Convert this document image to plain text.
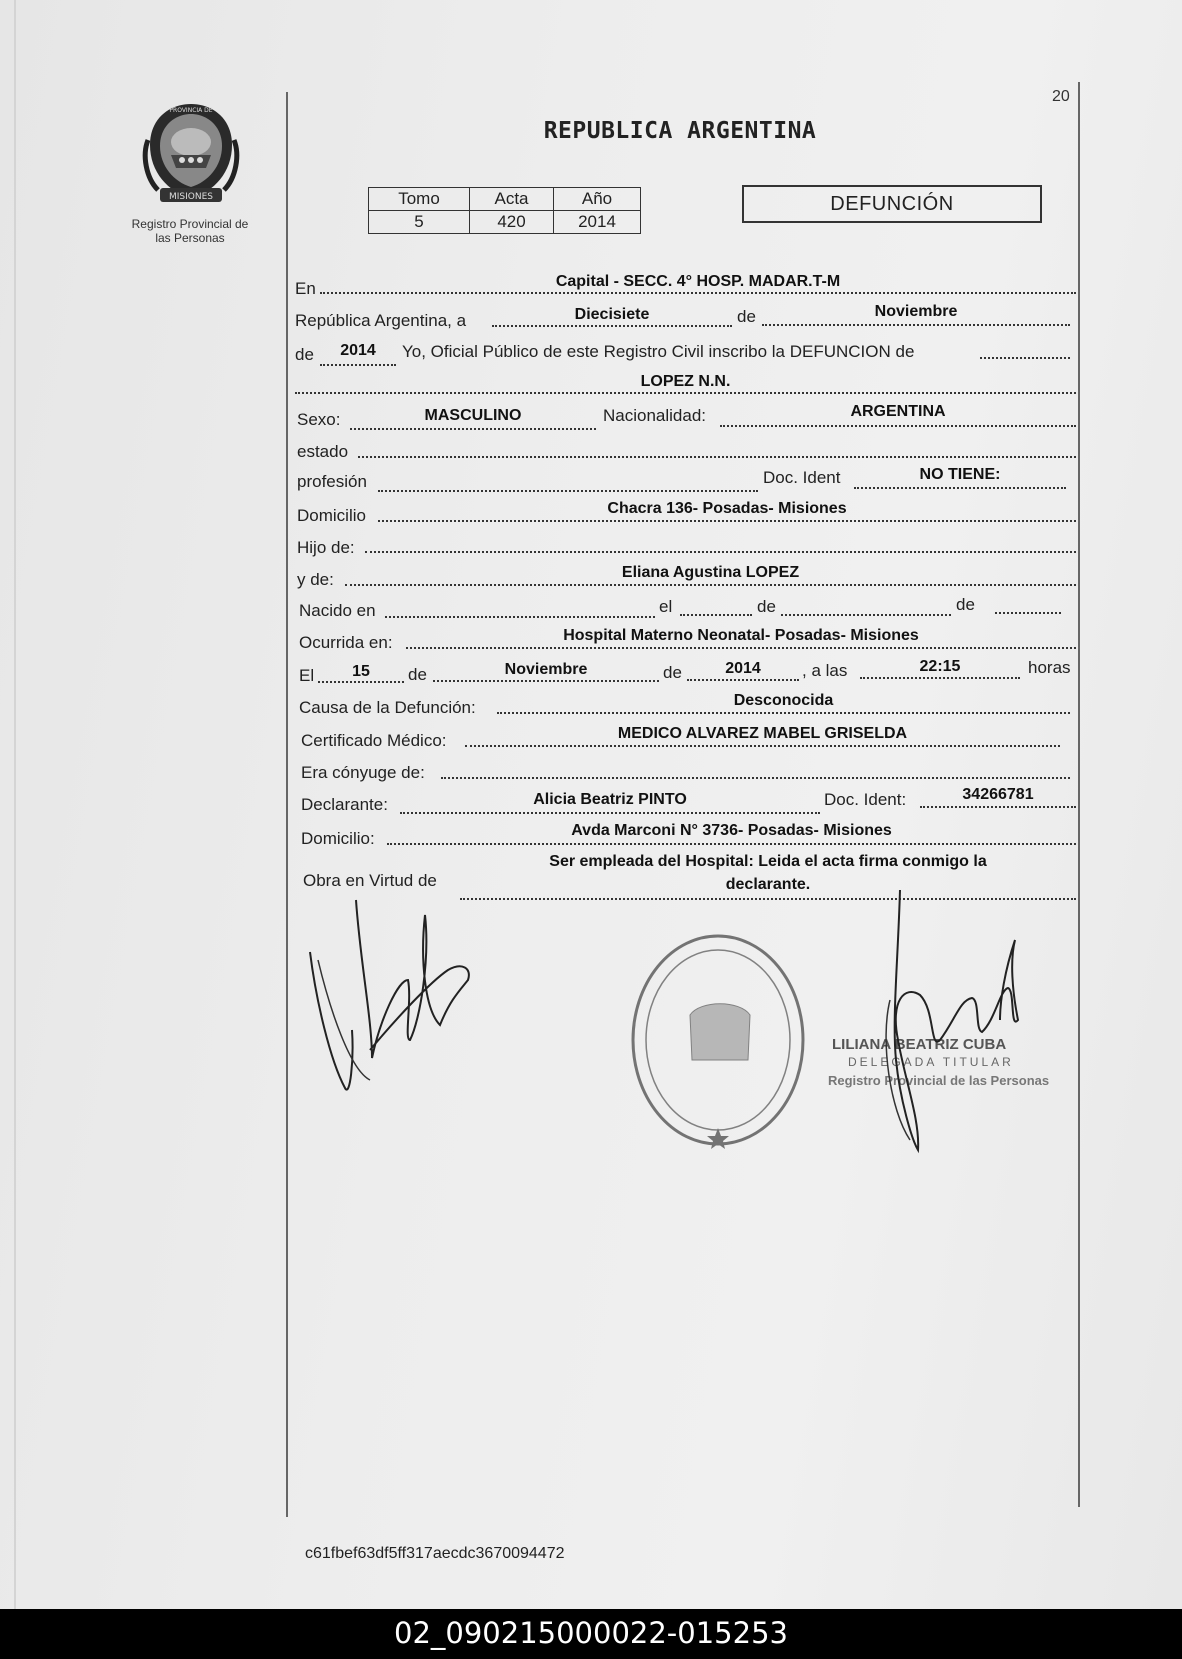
20
MISIONES
PROVINCIA DE
Registro Provincial de
las Personas
REPUBLICA ARGENTINA
Tomo	Acta	Año
5	420	2014
DEFUNCIÓN
En	Capital - SECC. 4° HOSP. MADAR.T-M
República Argentina, a	Diecisiete	de	Noviembre
de	2014	Yo, Oficial Público de este Registro Civil inscribo la DEFUNCION de
LOPEZ N.N.
Sexo:	MASCULINO	Nacionalidad:	ARGENTINA
estado
profesión	Doc. Ident	NO TIENE:
Domicilio	Chacra 136- Posadas- Misiones
Hijo de:
y de:	Eliana Agustina LOPEZ
Nacido en	el	de	de
Ocurrida en:	Hospital Materno Neonatal- Posadas- Misiones
El	15	de	Noviembre	de	2014	, a las	22:15	horas
Causa de la Defunción:	Desconocida
Certificado Médico:	MEDICO ALVAREZ MABEL GRISELDA
Era cónyuge de:
Declarante:	Alicia Beatriz PINTO	Doc. Ident:	34266781
Domicilio:	Avda Marconi N° 3736- Posadas- Misiones
Obra en Virtud de
Ser empleada del Hospital: Leida el acta firma conmigo la
declarante.
LILIANA BEATRIZ CUBA
DELEGADA TITULAR
Registro Provincial de las Personas
c61fbef63df5ff317aecdc3670094472
02_090215000022-015253
